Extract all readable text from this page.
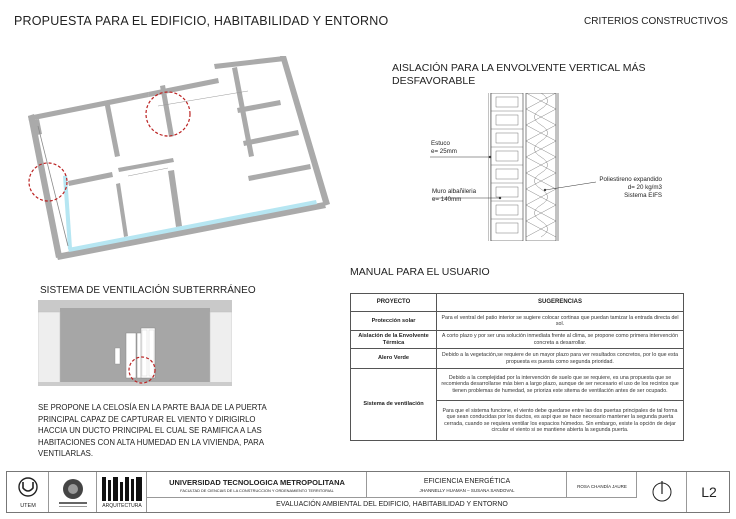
PROPUESTA PARA EL EDIFICIO, HABITABILIDAD Y ENTORNO	CRITERIOS CONSTRUCTIVOS
AISLACIÓN PARA LA ENVOLVENTE VERTICAL MÁS DESFAVORABLE
Estuco
e= 25mm
Muro albañileria
e= 140mm
Poliestireno expandido
d= 20 kg/m3
Sistema EIFS
SISTEMA DE VENTILACIÓN SUBTERRRÁNEO
SE PROPONE LA CELOSÍA EN LA PARTE BAJA DE LA PUERTA PRINCIPAL CAPAZ DE CAPTURAR EL VIENTO Y DIRIGIRLO HACCIA UN DUCTO PRINCIPAL EL CUAL SE RAMIFICA A LAS HABITACIONES CON ALTA HUMEDAD EN LA VIVIENDA, PARA VENTILARLAS.
MANUAL PARA EL USUARIO
PROYECTO	SUGERENCIAS
Protección solar	Para el ventral del patio interior se sugiere colocar cortinas que puedan tamizar la entrada directa del sol.
Aislación de la Envolvente Térmica	A corto plazo y por ser una solución inmediata frente al clima, se propone como primera intervención concreta a desarrollar.
Alero Verde	Debido a la vegetación,se requiere de un mayor plazo para ver resultados concretos, por lo que esta propuesta es puesta como segunda prioridad.
Sistema de ventilación	Debido a la complejidad por la intervención de suelo que se requiere, es una propuesta que se recomienda desarrollarse más bien a largo plazo, aunque de ser necesario el uso de los recintos que tienen problemas de humedad, se prioriza este sitema de ventilación antes de ser ocupado.
	Para que el sistema funcione, el viento debe quedarse entre las dos puertas principales de tal forma que sean conducidas por los ductos, es aspi que se hace necesario mantener la segunda puerta cerrada, cuando se requiera ventilar los espacios húmedos. Sin embargo, existe la opción de dejar circular el viento si se mantiene abierta la segunda puerta.
UTEM	ARQUITECTURA
UNIVERSIDAD TECNOLOGICA METROPOLITANA
FACULTAD DE CIENCIAS DE LA CONSTRUCCION Y ORDENAMIENTO TERRITORIAL
EFICIENCIA ENERGÉTICA
JHANNELLY HUAMAN – SUSANA SANDOVAL
ROSA CHANDÍA JAURE
EVALUACIÓN AMBIENTAL DEL EDIFICIO, HABITABILIDAD Y ENTORNO
L2
